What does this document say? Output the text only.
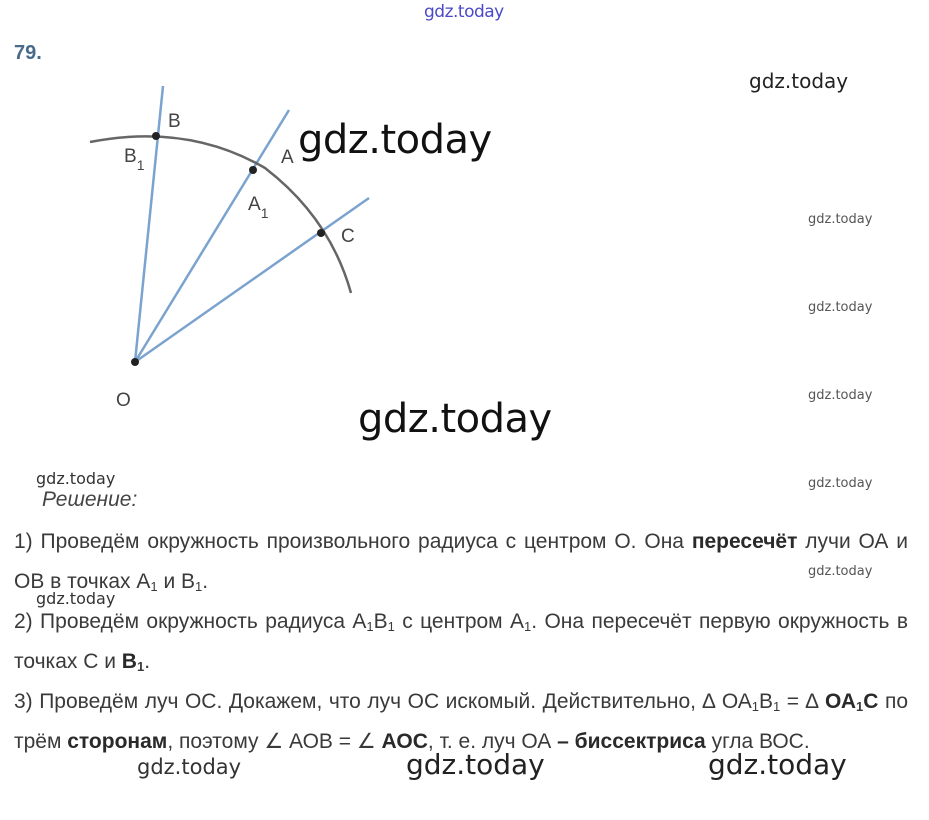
gdz.today
gdz.today
gdz.today
gdz.today
gdz.today
gdz.today
gdz.today
gdz.today
gdz.today
gdz.today
gdz.today
gdz.today	gdz.today	gdz.today
79.
B
$B_1$	A
$A_1$
C
O
Решение:
1) Проведём окружность произвольного радиуса с центром О. Она пересечёт лучи ОА и ОВ в точках $А_1$ и $В_1$.
2) Проведём окружность радиуса $А_1В_1$ с центром $А_1$. Она пересечёт первую окружность в точках С и $В_1$.
3) Проведём луч ОС. Докажем, что луч ОС искомый. Действительно, ∆ $ОА_1В_1$ = ∆ $ОА_1С$ по трём сторонам, поэтому ∠ АОВ = ∠ АОС, т. е. луч ОА – биссектриса угла ВОС.
